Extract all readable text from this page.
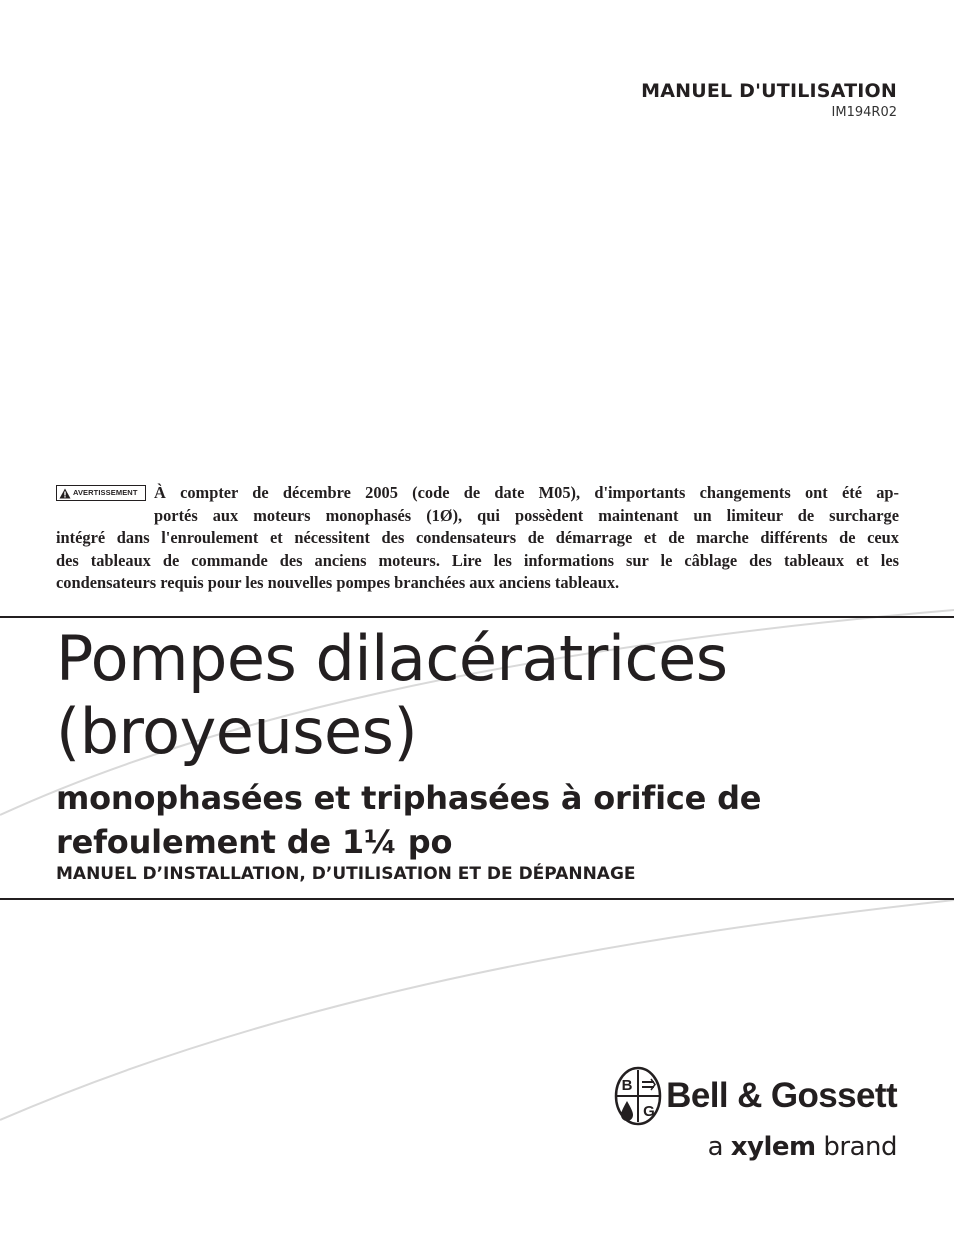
MANUEL D'UTILISATION
IM194R02
AVERTISSEMENT À compter de décembre 2005 (code de date M05), d'importants changements ont été ap-
portés aux moteurs monophasés (1Ø), qui possèdent maintenant un limiteur de surcharge
intégré dans l'enroulement et nécessitent des condensateurs de démarrage et de marche différents de ceux
des tableaux de commande des anciens moteurs. Lire les informations sur le câblage des tableaux et les
condensateurs requis pour les nouvelles pompes branchées aux anciens tableaux.
Pompes dilacératrices
(broyeuses)
monophasées et triphasées à orifice de
refoulement de 1¼ po
MANUEL D’INSTALLATION, D’UTILISATION ET DE DÉPANNAGE
B
G Bell & Gossett
a xylem brand
